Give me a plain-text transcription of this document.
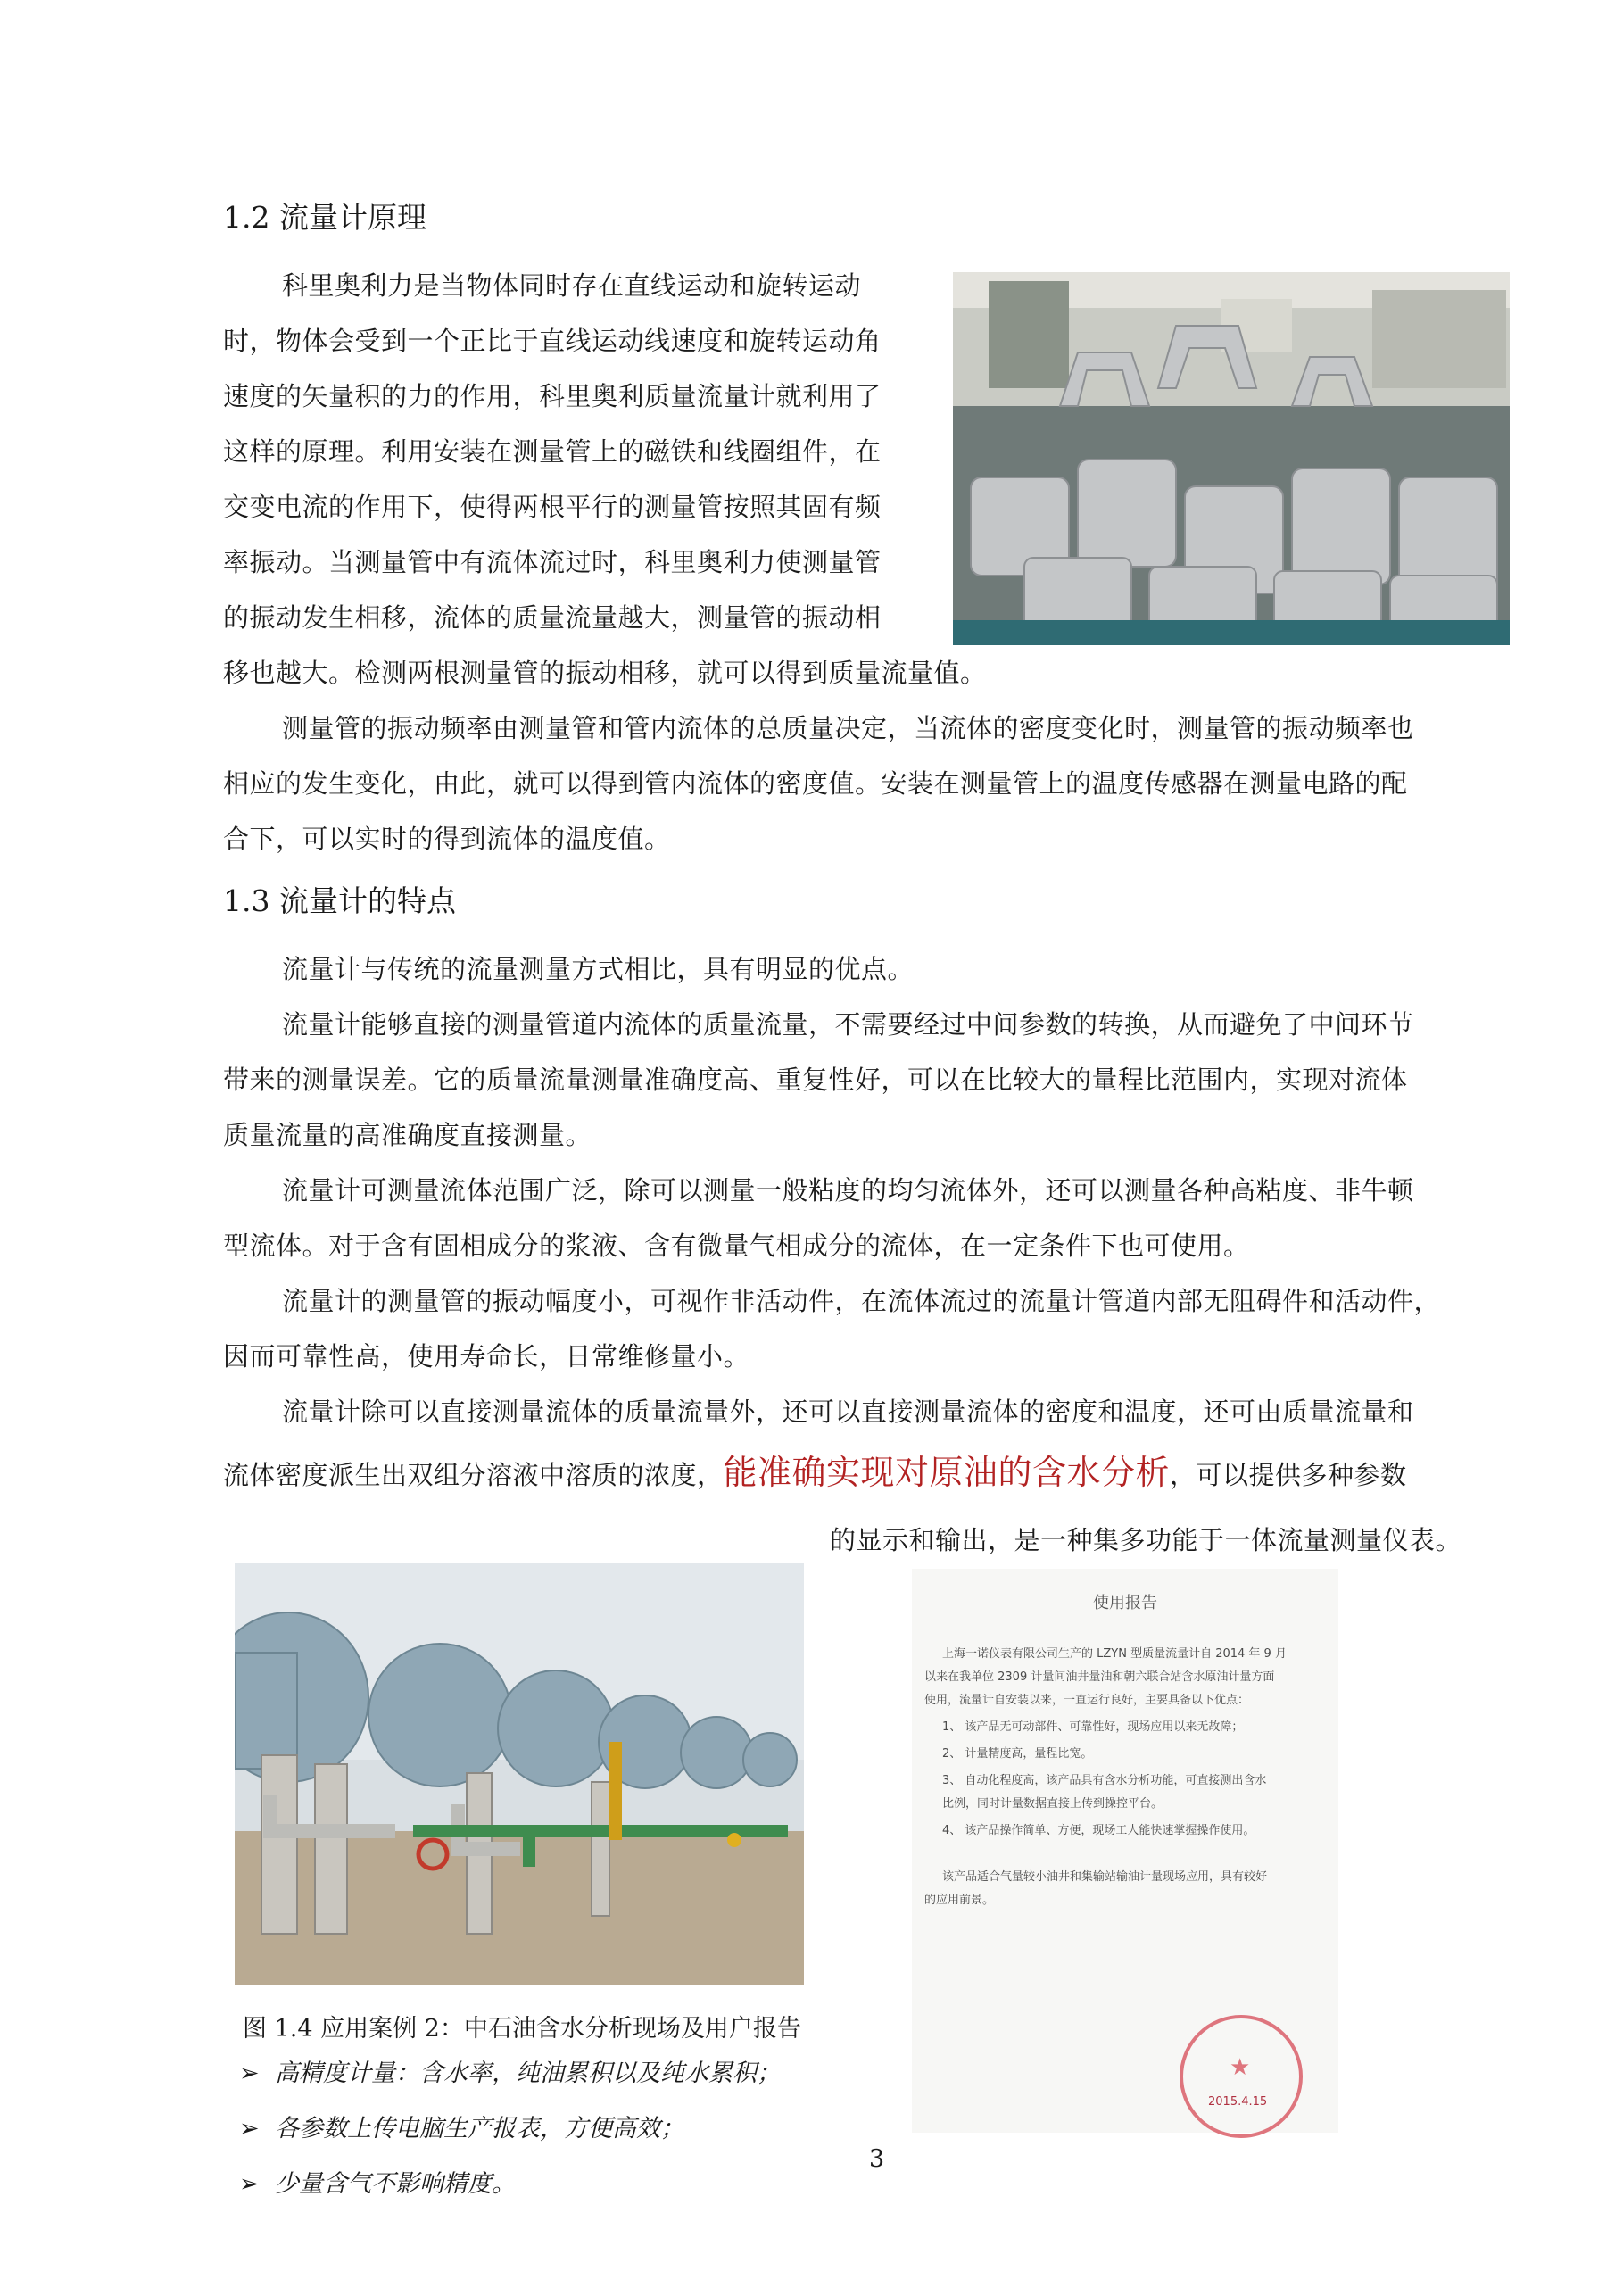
1.2 流量计原理
科里奥利力是当物体同时存在直线运动和旋转运动
时，物体会受到一个正比于直线运动线速度和旋转运动角
速度的矢量积的力的作用，科里奥利质量流量计就利用了
这样的原理。利用安装在测量管上的磁铁和线圈组件，在
交变电流的作用下，使得两根平行的测量管按照其固有频
率振动。当测量管中有流体流过时，科里奥利力使测量管
的振动发生相移，流体的质量流量越大，测量管的振动相
移也越大。检测两根测量管的振动相移，就可以得到质量流量值。
测量管的振动频率由测量管和管内流体的总质量决定，当流体的密度变化时，测量管的振动频率也
相应的发生变化，由此，就可以得到管内流体的密度值。安装在测量管上的温度传感器在测量电路的配
合下，可以实时的得到流体的温度值。
1.3 流量计的特点
流量计与传统的流量测量方式相比，具有明显的优点。
流量计能够直接的测量管道内流体的质量流量，不需要经过中间参数的转换，从而避免了中间环节
带来的测量误差。它的质量流量测量准确度高、重复性好，可以在比较大的量程比范围内，实现对流体
质量流量的高准确度直接测量。
流量计可测量流体范围广泛，除可以测量一般粘度的均匀流体外，还可以测量各种高粘度、非牛顿
型流体。对于含有固相成分的浆液、含有微量气相成分的流体，在一定条件下也可使用。
流量计的测量管的振动幅度小，可视作非活动件，在流体流过的流量计管道内部无阻碍件和活动件，
因而可靠性高，使用寿命长，日常维修量小。
流量计除可以直接测量流体的质量流量外，还可以直接测量流体的密度和温度，还可由质量流量和
流体密度派生出双组分溶液中溶质的浓度，能准确实现对原油的含水分析，可以提供多种参数
的显示和输出，是一种集多功能于一体流量测量仪表。
使用报告
上海一诺仪表有限公司生产的 LZYN 型质量流量计自 2014 年 9 月
以来在我单位 2309 计量间油井量油和朝六联合站含水原油计量方面
使用，流量计自安装以来，一直运行良好，主要具备以下优点：
1、 该产品无可动部件、可靠性好，现场应用以来无故障；
2、 计量精度高，量程比宽。
3、 自动化程度高，该产品具有含水分析功能，可直接测出含水
比例，同时计量数据直接上传到操控平台。
4、 该产品操作简单、方便，现场工人能快速掌握操作使用。
该产品适合气量较小油井和集输站输油计量现场应用，具有较好
的应用前景。
★
2015.4.15
图 1.4 应用案例 2：中石油含水分析现场及用户报告
➢ 高精度计量：含水率，纯油累积以及纯水累积；
➢ 各参数上传电脑生产报表，方便高效；
➢ 少量含气不影响精度。
3
